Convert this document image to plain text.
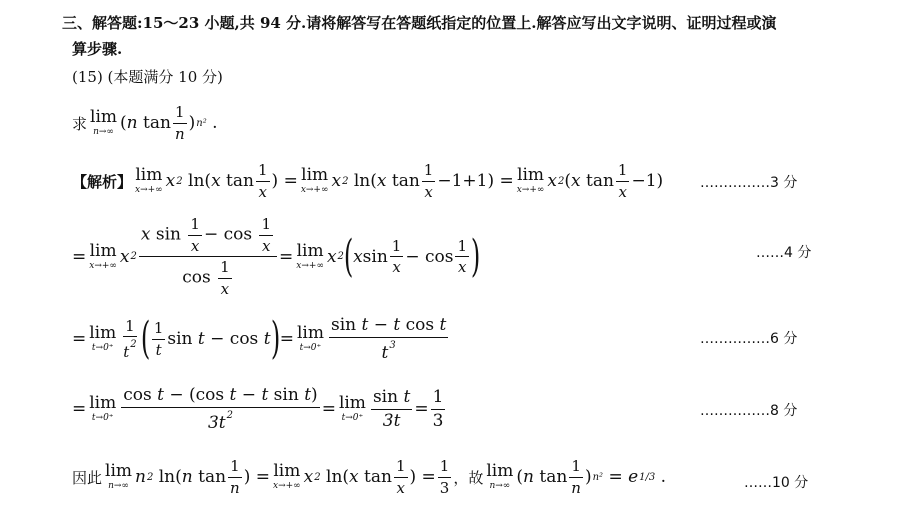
三、解答题:15～23 小题,共 94 分.请将解答写在答题纸指定的位置上.解答应写出文字说明、证明过程或演
算步骤.
(15) (本题满分 10 分)
求 lim
n→∞ ( n $\tan \frac{1}{n}$ ) n² .
【解析】 lim
x→+∞ x 2 ln( x $\tan \frac{1}{x}$ ) = lim
x→+∞ x 2 ln( x $\tan \frac{1}{x} -1+1) = \lim$
x→+∞ x 2 ( x $\tan \frac{1}{x} -1$)	……………3 分
= lim
x→+∞ x $2 \frac{x \sin \frac{1}{x} - \cos \frac{1}{x}}{\cos \frac{1}{x}} = \lim$
x→+∞ x 2 ( x $\sin \frac{1}{x} - \cos \frac{1}{x}$ )	……4 分
= lim
$t\to 0^+ \frac{1}{t^2}$ ( $\frac{1}{t}$ sin t − cos t ) = lim
$t\to 0^+ \frac{\text{sin t − t cos t}}{t^3}$	……………6 分
= lim
$t\to 0^+ \frac{\text{cos t − (cos t − t sin t)}}{3t^2} = \lim$
$t\to 0^+ \frac{\text{sin t}}{3t} = \frac{1}{3}$	……………8 分
因此 lim
n→∞ n 2 ln( n $\tan \frac{1}{n}$ ) = lim
x→+∞ x 2 ln( x $\tan \frac{1}{x}$ ) = $\frac{1}{3}$ ，故 lim
n→∞ ( n $\tan \frac{1}{n}$ ) n² = e 1/3 .	……10 分
